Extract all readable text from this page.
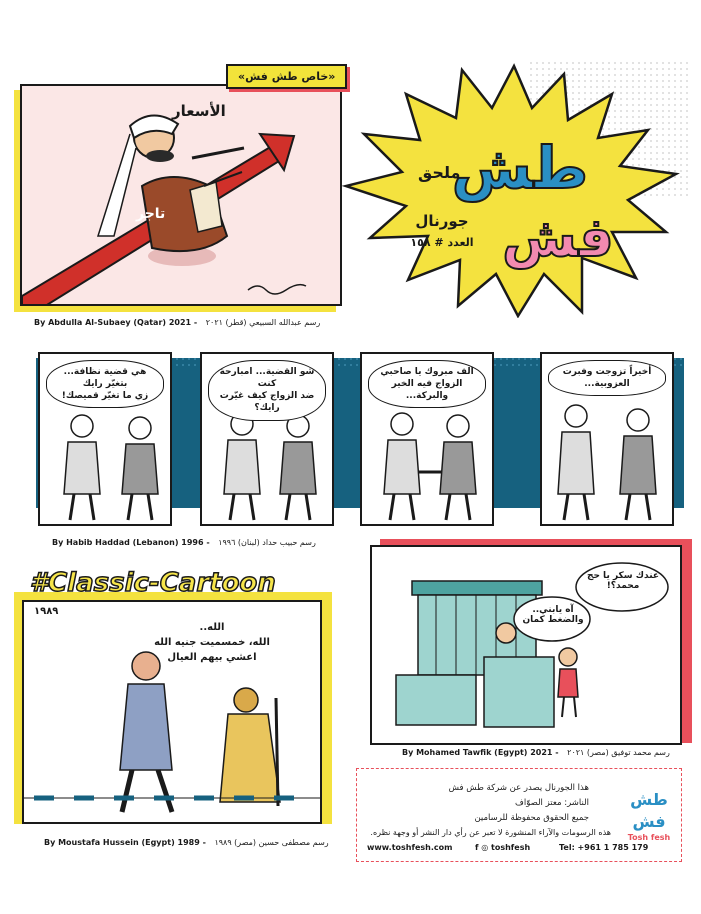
الأسعار
تاجر
«خاص طش فش»
By Abdulla Al-Subaey (Qatar) 2021 - رسم عبدالله السبيعي (قطر) ٢٠٢١
ملحق
طش
فش
جورنال
العدد # ١٥٨
أخيراً تزوجت وفبرت العزوبية...
الف مبروك يا صاحبي
الزواج فيه الخير والبركة...
شو القضية... امبارحة كنت
ضد الزواج كيف غيّرت رايك؟
هي قضية نظافة... بتغيّر رايك
زي ما تغيّر قميصك!
By Habib Haddad (Lebanon) 1996 - رسم حبيب حداد (لبنان) ١٩٩٦
عندك سكر يا حج محمد؟!
آه يابني.. والضغط كمان
By Mohamed Tawfik (Egypt) 2021 - رسم محمد توفيق (مصر) ٢٠٢١
١٩٨٩
الله..
الله، خمسميت جنيه الله
اعشي بيهم العيال
#Classic-Cartoon
By Moustafa Hussein (Egypt) 1989 - رسم مصطفى حسين (مصر) ١٩٨٩
هذا الجورنال يصدر عن شركة طش فش
الناشر: معتز الصوّاف
جميع الحقوق محفوظة للرسامين
هذه الرسومات والآراء المنشورة لا تعبر عن رأي دار النشر أو وجهة نظره.
www.toshfesh.com	f ◎ toshfesh	Tel: +961 1 785 179
طش فش
Tosh fesh
